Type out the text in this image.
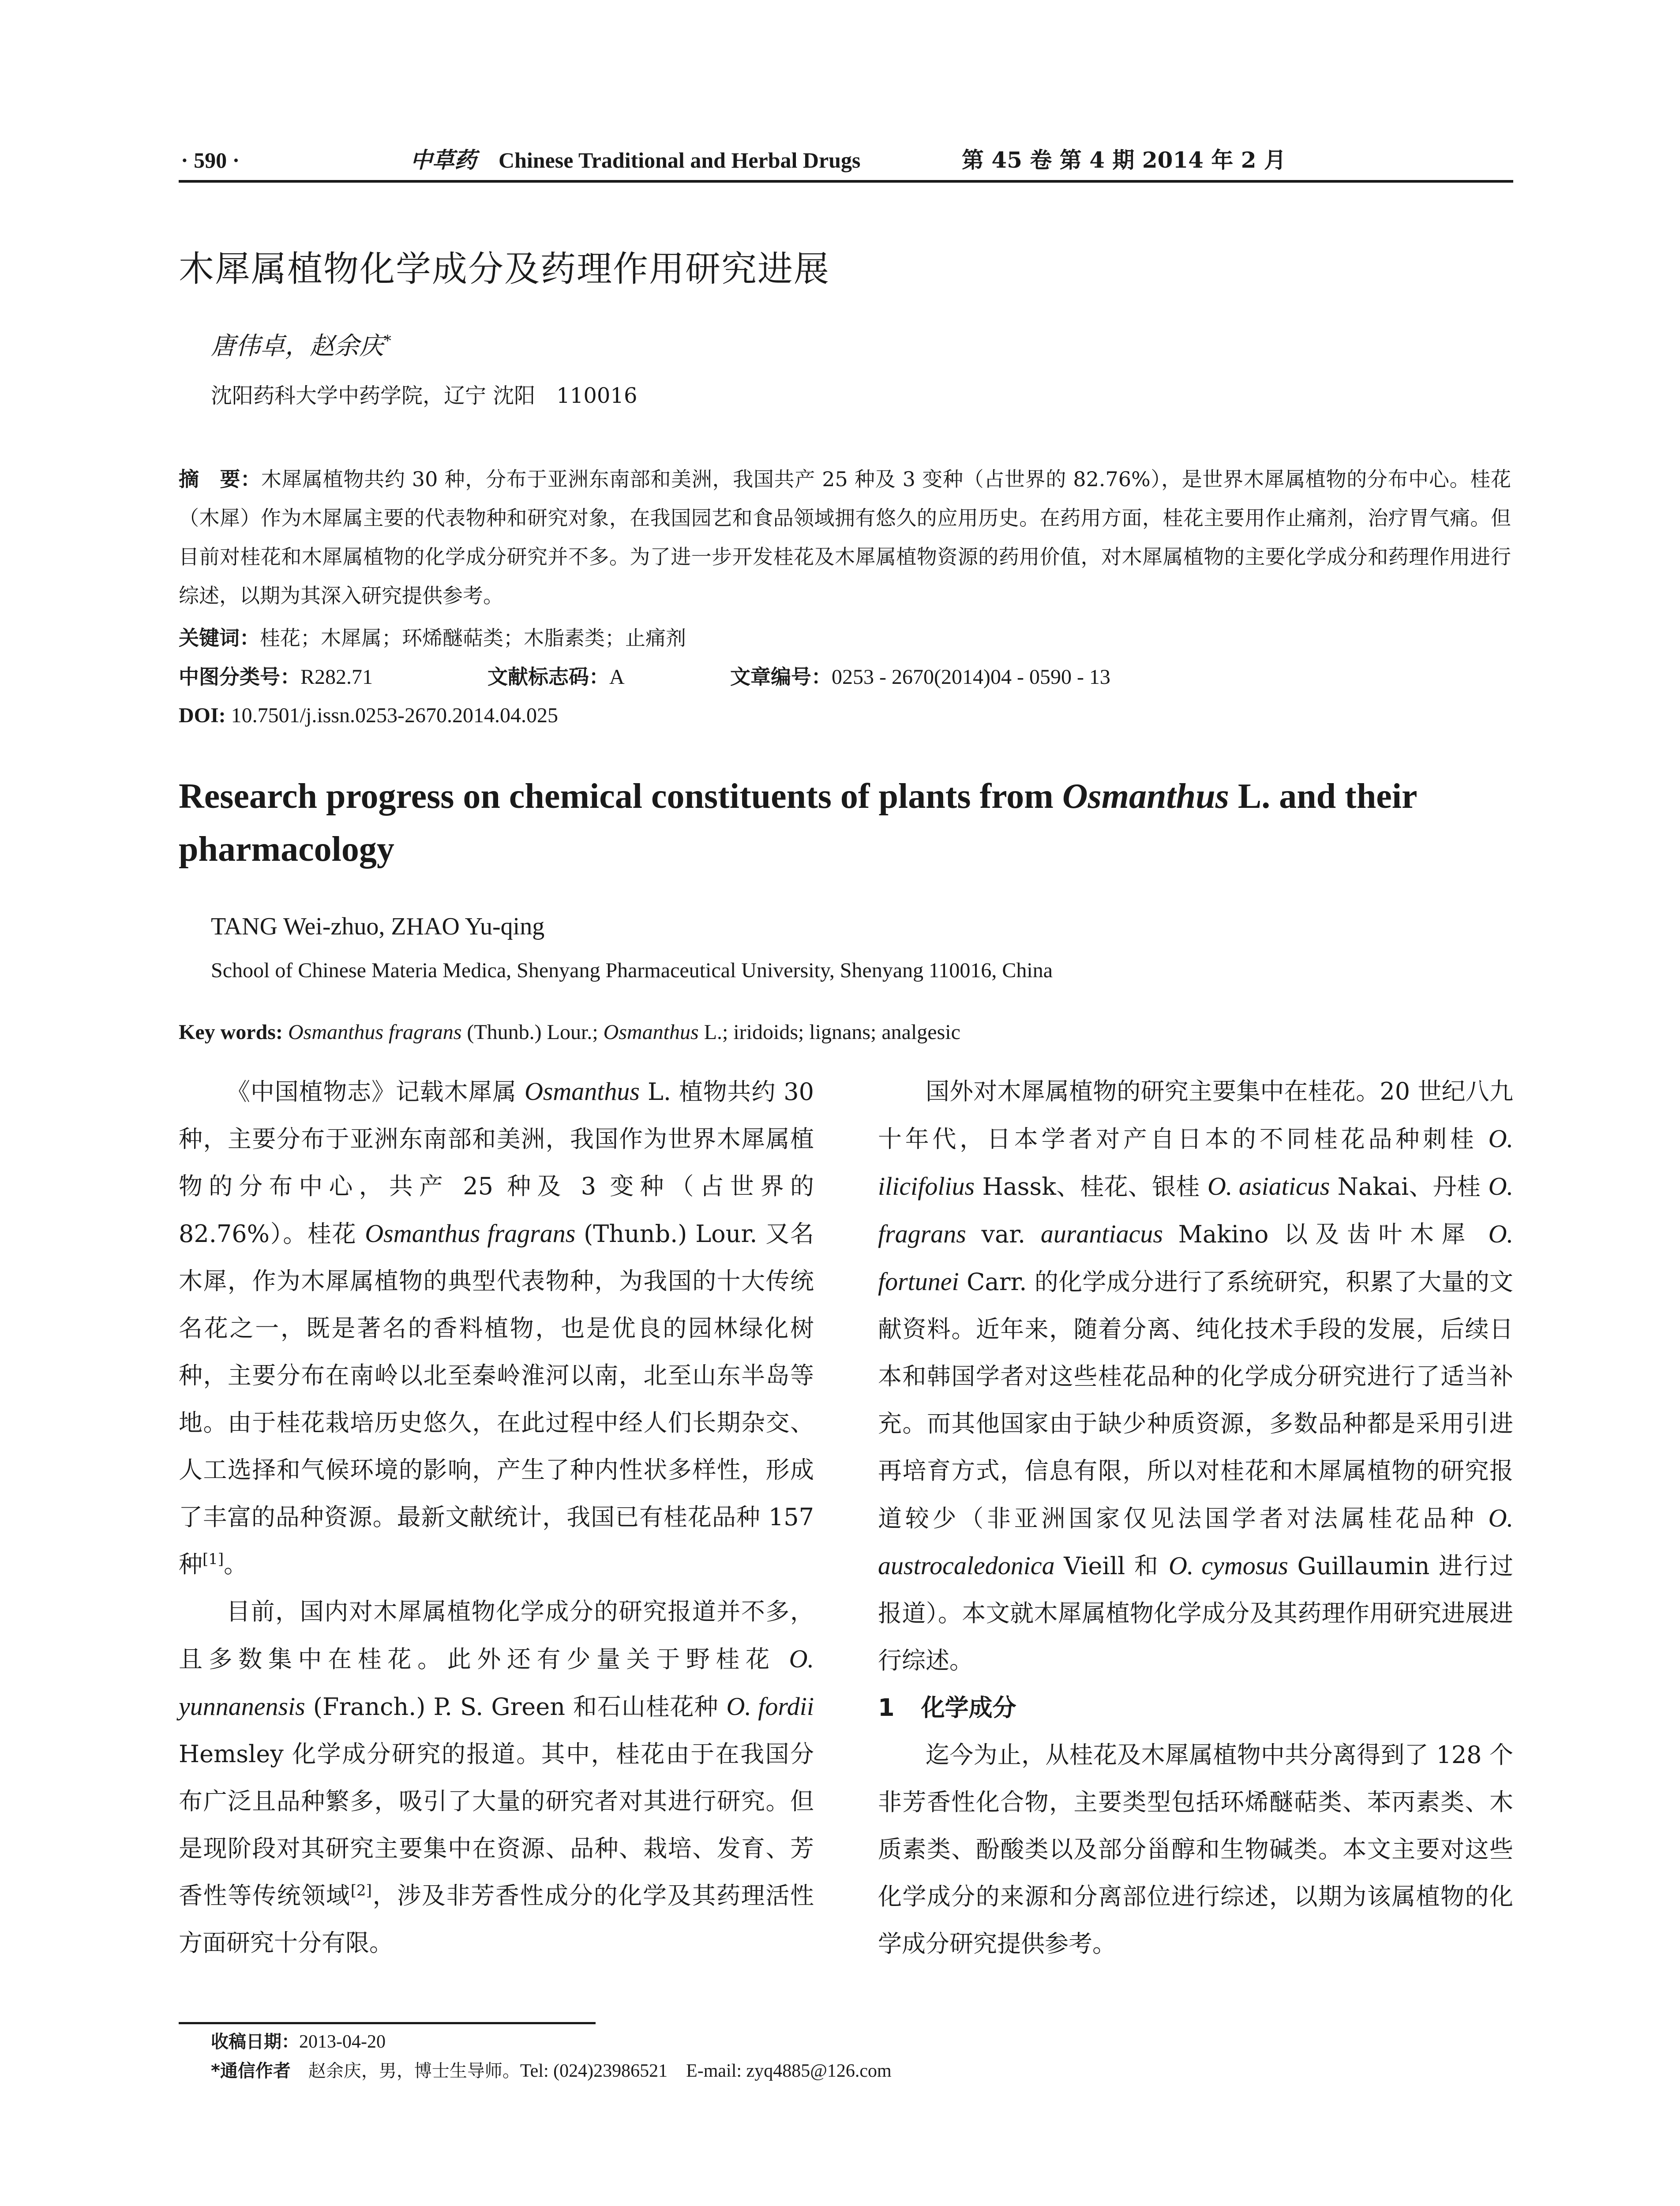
· 590 ·	中草药 Chinese Traditional and Herbal Drugs	第 45 卷 第 4 期 2014 年 2 月
木犀属植物化学成分及药理作用研究进展
唐伟卓，赵余庆*
沈阳药科大学中药学院，辽宁 沈阳　110016
摘　要：木犀属植物共约 30 种，分布于亚洲东南部和美洲，我国共产 25 种及 3 变种（占世界的 82.76%），是世界木犀属植物的分布中心。桂花（木犀）作为木犀属主要的代表物种和研究对象，在我国园艺和食品领域拥有悠久的应用历史。在药用方面，桂花主要用作止痛剂，治疗胃气痛。但目前对桂花和木犀属植物的化学成分研究并不多。为了进一步开发桂花及木犀属植物资源的药用价值，对木犀属植物的主要化学成分和药理作用进行综述，以期为其深入研究提供参考。
关键词：桂花；木犀属；环烯醚萜类；木脂素类；止痛剂
中图分类号：R282.71	文献标志码：A	文章编号：0253 - 2670(2014)04 - 0590 - 13
DOI: 10.7501/j.issn.0253-2670.2014.04.025
Research progress on chemical constituents of plants from Osmanthus L. and their pharmacology
TANG Wei-zhuo, ZHAO Yu-qing
School of Chinese Materia Medica, Shenyang Pharmaceutical University, Shenyang 110016, China
Key words: Osmanthus fragrans (Thunb.) Lour.; Osmanthus L.; iridoids; lignans; analgesic

《中国植物志》记载木犀属 Osmanthus L. 植物共约 30 种，主要分布于亚洲东南部和美洲，我国作为世界木犀属植物的分布中心，共产 25 种及 3 变种（占世界的 82.76%）。桂花 Osmanthus fragrans (Thunb.) Lour. 又名木犀，作为木犀属植物的典型代表物种，为我国的十大传统名花之一，既是著名的香料植物，也是优良的园林绿化树种，主要分布在南岭以北至秦岭淮河以南，北至山东半岛等地。由于桂花栽培历史悠久，在此过程中经人们长期杂交、人工选择和气候环境的影响，产生了种内性状多样性，形成了丰富的品种资源。最新文献统计，我国已有桂花品种 157 种[1]。

目前，国内对木犀属植物化学成分的研究报道并不多，且多数集中在桂花。此外还有少量关于野桂花 O. yunnanensis (Franch.) P. S. Green 和石山桂花种 O. fordii Hemsley 化学成分研究的报道。其中，桂花由于在我国分布广泛且品种繁多，吸引了大量的研究者对其进行研究。但是现阶段对其研究主要集中在资源、品种、栽培、发育、芳香性等传统领域[2]，涉及非芳香性成分的化学及其药理活性方面研究十分有限。

国外对木犀属植物的研究主要集中在桂花。20 世纪八九十年代，日本学者对产自日本的不同桂花品种刺桂 O. ilicifolius Hassk、桂花、银桂 O. asiaticus Nakai、丹桂 O. fragrans var. aurantiacus Makino 以及齿叶木犀 O. fortunei Carr. 的化学成分进行了系统研究，积累了大量的文献资料。近年来，随着分离、纯化技术手段的发展，后续日本和韩国学者对这些桂花品种的化学成分研究进行了适当补充。而其他国家由于缺少种质资源，多数品种都是采用引进再培育方式，信息有限，所以对桂花和木犀属植物的研究报道较少（非亚洲国家仅见法国学者对法属桂花品种 O. austrocaledonica Vieill 和 O. cymosus Guillaumin 进行过报道）。本文就木犀属植物化学成分及其药理作用研究进展进行综述。

1 化学成分

迄今为止，从桂花及木犀属植物中共分离得到了 128 个非芳香性化合物，主要类型包括环烯醚萜类、苯丙素类、木质素类、酚酸类以及部分甾醇和生物碱类。本文主要对这些化学成分的来源和分离部位进行综述，以期为该属植物的化学成分研究提供参考。

收稿日期：2013-04-20
*通信作者　 赵余庆，男，博士生导师。Tel: (024)23986521　E-mail: zyq4885@126.com
